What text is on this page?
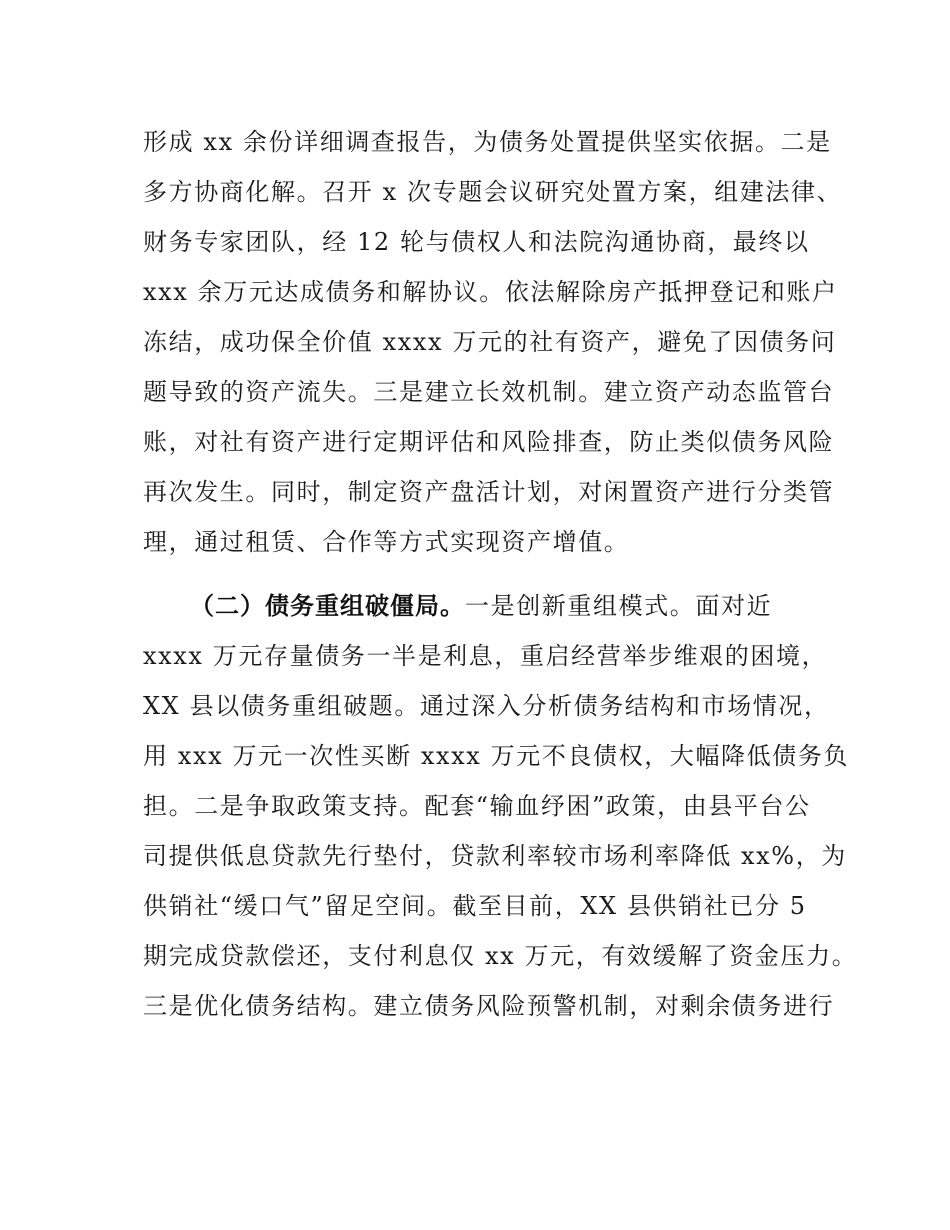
形成 xx 余份详细调查报告，为债务处置提供坚实依据。二是
多方协商化解。召开 x 次专题会议研究处置方案，组建法律、
财务专家团队，经 12 轮与债权人和法院沟通协商，最终以
xxx 余万元达成债务和解协议。依法解除房产抵押登记和账户
冻结，成功保全价值 xxxx 万元的社有资产，避免了因债务问
题导致的资产流失。三是建立长效机制。建立资产动态监管台
账，对社有资产进行定期评估和风险排查，防止类似债务风险
再次发生。同时，制定资产盘活计划，对闲置资产进行分类管
理，通过租赁、合作等方式实现资产增值。
（二）债务重组破僵局。一是创新重组模式。面对近
xxxx 万元存量债务一半是利息，重启经营举步维艰的困境，
XX 县以债务重组破题。通过深入分析债务结构和市场情况，
用 xxx 万元一次性买断 xxxx 万元不良债权，大幅降低债务负
担。二是争取政策支持。配套“输血纾困”政策，由县平台公
司提供低息贷款先行垫付，贷款利率较市场利率降低 xx%，为
供销社“缓口气”留足空间。截至目前，XX 县供销社已分 5
期完成贷款偿还，支付利息仅 xx 万元，有效缓解了资金压力。
三是优化债务结构。建立债务风险预警机制，对剩余债务进行
